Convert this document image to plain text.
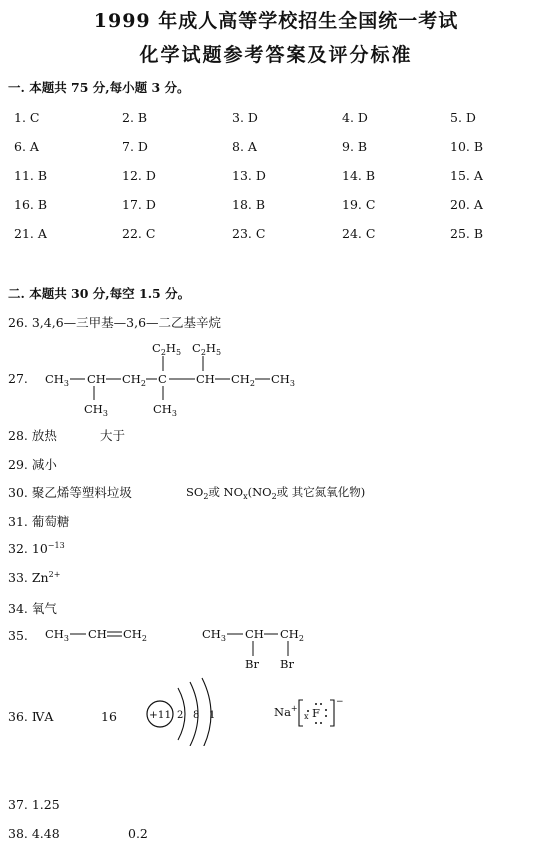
1999 年成人高等学校招生全国统一考试
化学试题参考答案及评分标准
一. 本题共 75 分,每小题 3 分。
1. C	2. B	3. D	4. D	5. D
6. A	7. D	8. A	9. B	10. B
11. B	12. D	13. D	14. B	15. A
16. B	17. D	18. B	19. C	20. A
21. A	22. C	23. C	24. C	25. B
二. 本题共 30 分,每空 1.5 分。
26. 3,4,6—三甲基—3,6—二乙基辛烷
27. $CH_3$ CH $CH_2$ C	CH $CH_2$ $CH_3$
$C_2H_5$ $C_2H_5$
$CH_3$	$CH_3$
28. 放热	大于
29. 减小
30. 聚乙烯等塑料垃圾	$SO_2$或 $NO_x(NO_2$或 其它氮氧化物)
31. 葡萄糖
32. $10^{-13}$
33. $Zn^{2+}$
34. 氧气
35. $CH_3$ CH $CH_2$	$CH_3$ CH $CH_2$
Br Br
36. ⅣA	16	+11 2 8 1	Na+
−
F
x
37. 1.25
38. 4.48	0.2
